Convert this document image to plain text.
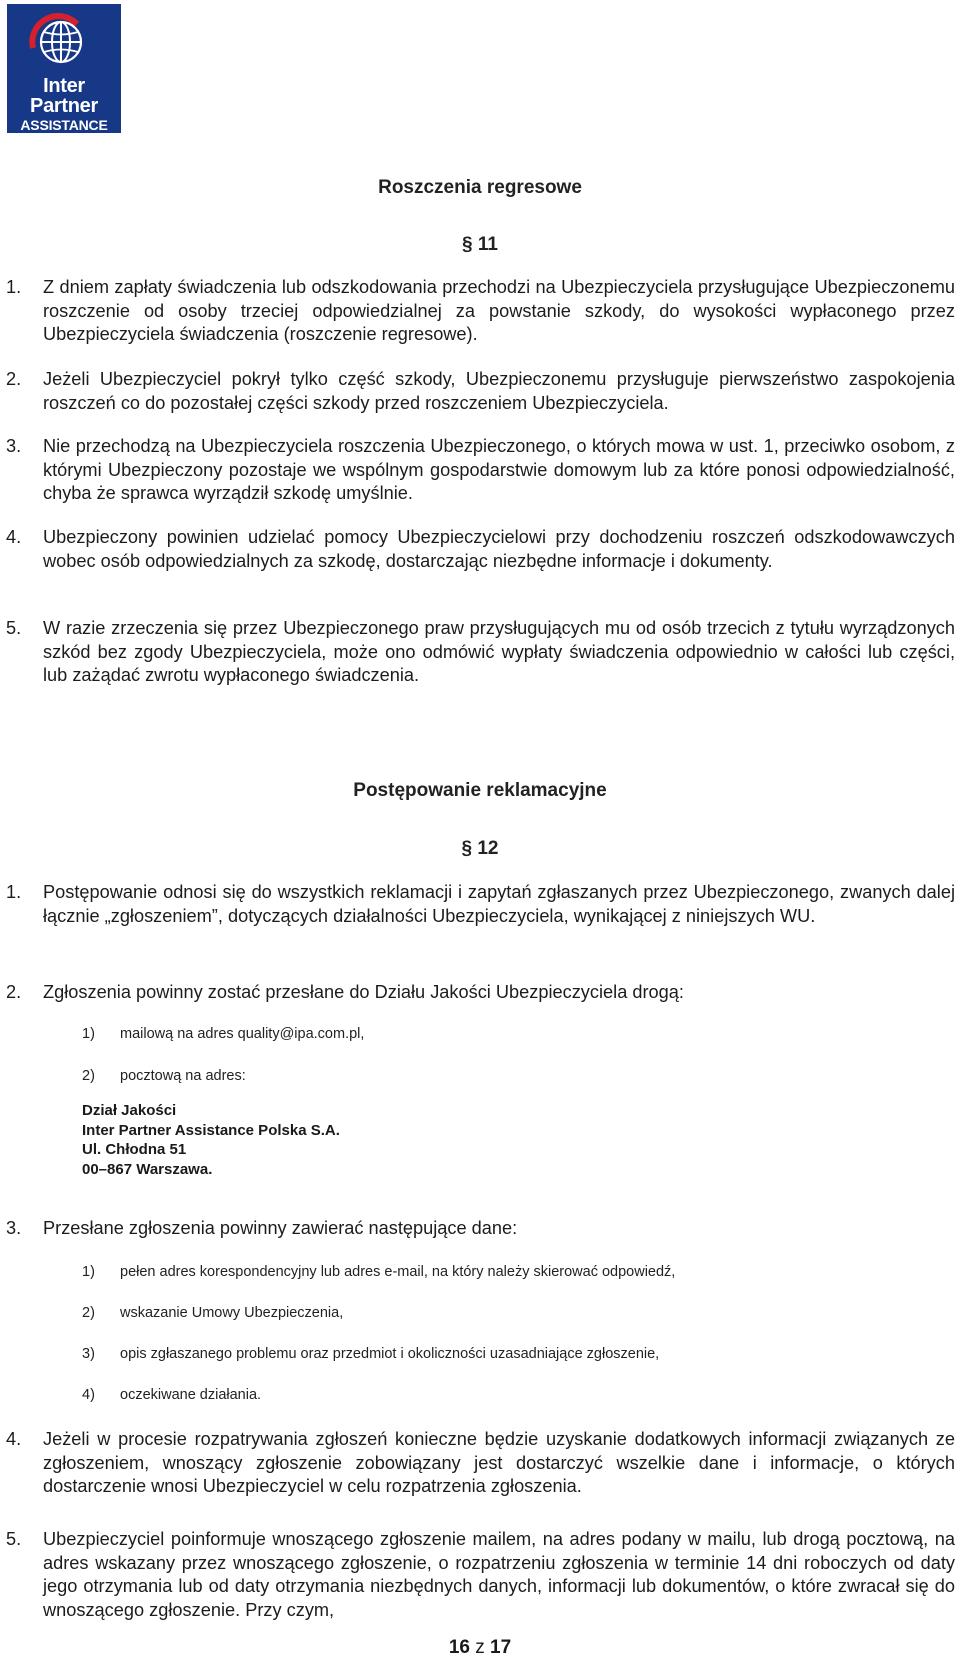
Inter
Partner
ASSISTANCE
Roszczenia regresowe
§ 11
1. Z dniem zapłaty świadczenia lub odszkodowania przechodzi na Ubezpieczyciela przysługujące Ubezpieczonemu roszczenie od osoby trzeciej odpowiedzialnej za powstanie szkody, do wysokości wypłaconego przez Ubezpieczyciela świadczenia (roszczenie regresowe).
2. Jeżeli Ubezpieczyciel pokrył tylko część szkody, Ubezpieczonemu przysługuje pierwszeństwo zaspokojenia roszczeń co do pozostałej części szkody przed roszczeniem Ubezpieczyciela.
3. Nie przechodzą na Ubezpieczyciela roszczenia Ubezpieczonego, o których mowa w ust. 1, przeciwko osobom, z którymi Ubezpieczony pozostaje we wspólnym gospodarstwie domowym lub za które ponosi odpowiedzialność, chyba że sprawca wyrządził szkodę umyślnie.
4. Ubezpieczony powinien udzielać pomocy Ubezpieczycielowi przy dochodzeniu roszczeń odszkodowawczych wobec osób odpowiedzialnych za szkodę, dostarczając niezbędne informacje i dokumenty.
5. W razie zrzeczenia się przez Ubezpieczonego praw przysługujących mu od osób trzecich z tytułu wyrządzonych szkód bez zgody Ubezpieczyciela, może ono odmówić wypłaty świadczenia odpowiednio w całości lub części, lub zażądać zwrotu wypłaconego świadczenia.
Postępowanie reklamacyjne
§ 12
1. Postępowanie odnosi się do wszystkich reklamacji i zapytań zgłaszanych przez Ubezpieczonego, zwanych dalej łącznie „zgłoszeniem”, dotyczących działalności Ubezpieczyciela, wynikającej z niniejszych WU.
2. Zgłoszenia powinny zostać przesłane do Działu Jakości Ubezpieczyciela drogą:
1) mailową na adres quality@ipa.com.pl,
2) pocztową na adres:
Dział Jakości
Inter Partner Assistance Polska S.A.
Ul. Chłodna 51
00–867 Warszawa.
3. Przesłane zgłoszenia powinny zawierać następujące dane:
1) pełen adres korespondencyjny lub adres e-mail, na który należy skierować odpowiedź,
2) wskazanie Umowy Ubezpieczenia,
3) opis zgłaszanego problemu oraz przedmiot i okoliczności uzasadniające zgłoszenie,
4) oczekiwane działania.
4. Jeżeli w procesie rozpatrywania zgłoszeń konieczne będzie uzyskanie dodatkowych informacji związanych ze zgłoszeniem, wnoszący zgłoszenie zobowiązany jest dostarczyć wszelkie dane i informacje, o których dostarczenie wnosi Ubezpieczyciel w celu rozpatrzenia zgłoszenia.
5. Ubezpieczyciel poinformuje wnoszącego zgłoszenie mailem, na adres podany w mailu, lub drogą pocztową, na adres wskazany przez wnoszącego zgłoszenie, o rozpatrzeniu zgłoszenia w terminie 14 dni roboczych od daty jego otrzymania lub od daty otrzymania niezbędnych danych, informacji lub dokumentów, o które zwracał się do wnoszącego zgłoszenie. Przy czym,
16 z 17
